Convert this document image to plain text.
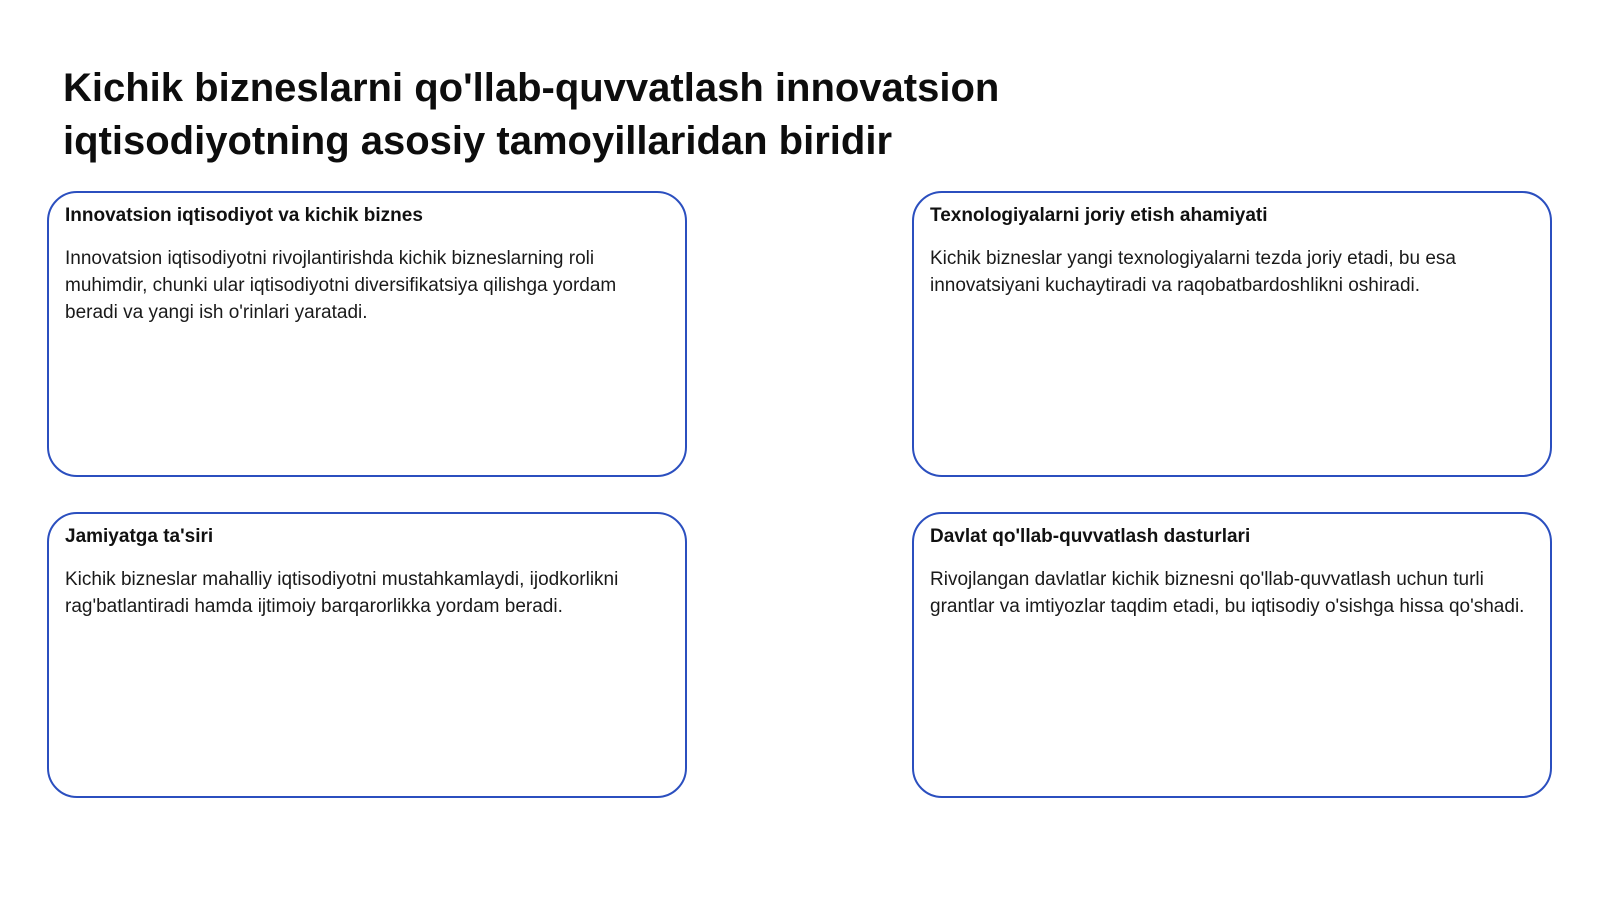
Kichik bizneslarni qo'llab-quvvatlash innovatsion iqtisodiyotning asosiy tamoyillaridan biridir
Innovatsion iqtisodiyot va kichik biznes

Innovatsion iqtisodiyotni rivojlantirishda kichik bizneslarning roli muhimdir, chunki ular iqtisodiyotni diversifikatsiya qilishga yordam beradi va yangi ish o'rinlari yaratadi.

Texnologiyalarni joriy etish ahamiyati

Kichik bizneslar yangi texnologiyalarni tezda joriy etadi, bu esa innovatsiyani kuchaytiradi va raqobatbardoshlikni oshiradi.

Jamiyatga ta'siri

Kichik bizneslar mahalliy iqtisodiyotni mustahkamlaydi, ijodkorlikni rag'batlantiradi hamda ijtimoiy barqarorlikka yordam beradi.

Davlat qo'llab-quvvatlash dasturlari

Rivojlangan davlatlar kichik biznesni qo'llab-quvvatlash uchun turli grantlar va imtiyozlar taqdim etadi, bu iqtisodiy o'sishga hissa qo'shadi.
